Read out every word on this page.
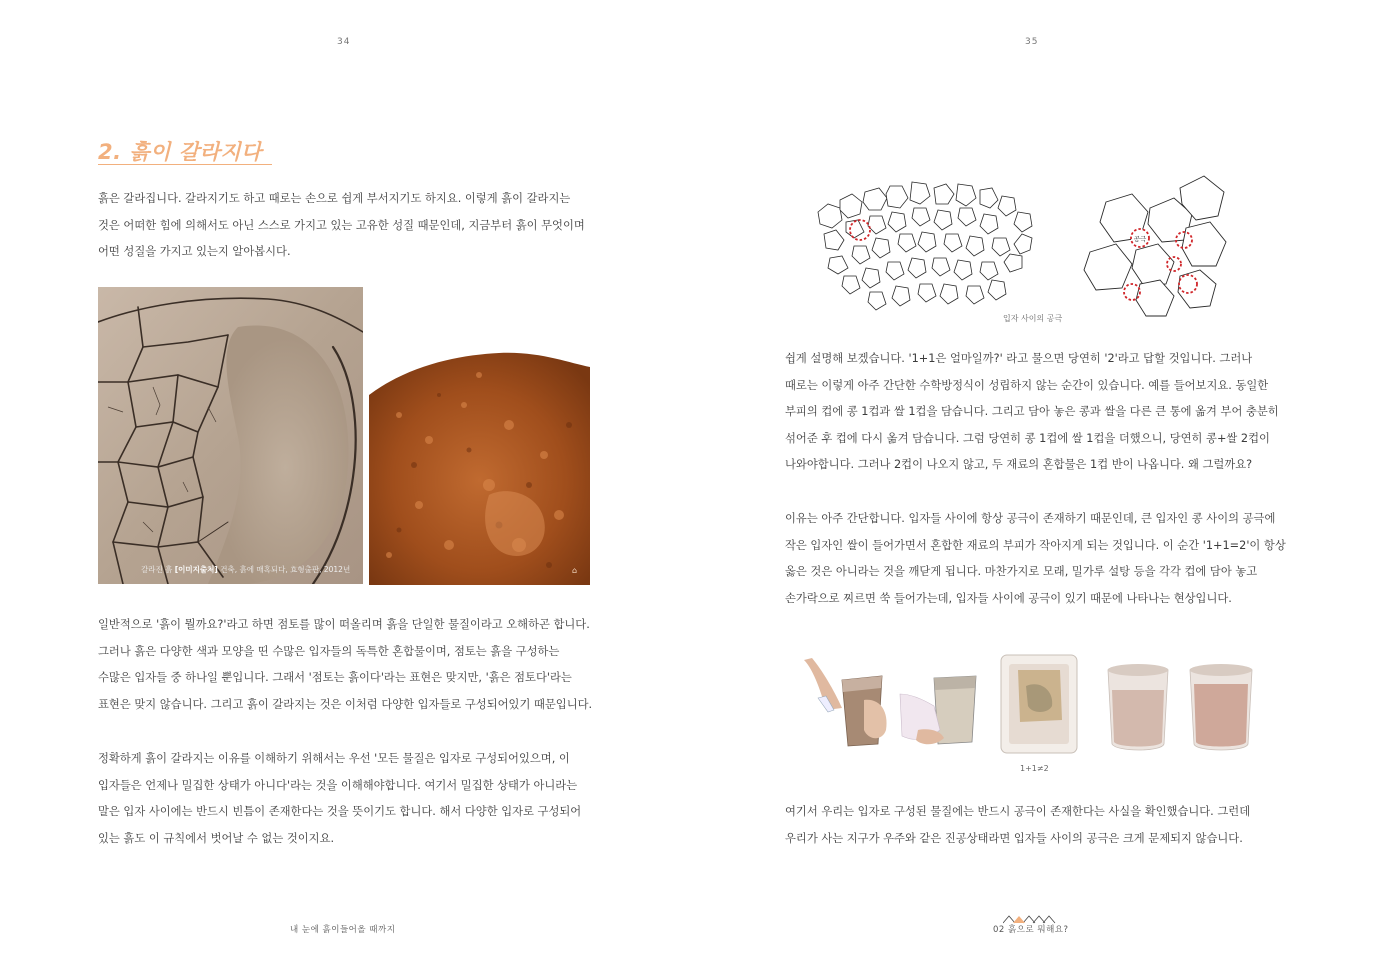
34
2. 흙이 갈라지다

흙은 갈라집니다. 갈라지기도 하고 때로는 손으로 쉽게 부서지기도 하지요. 이렇게 흙이 갈라지는

것은 어떠한 힘에 의해서도 아닌 스스로 가지고 있는 고유한 성질 때문인데, 지금부터 흙이 무엇이며

어떤 성질을 가지고 있는지 알아봅시다.

갈라진 흙 [이미지출처] 건축, 흙에 매혹되다, 효형출판, 2012년	⌂

일반적으로 '흙이 뭘까요?'라고 하면 점토를 많이 떠올리며 흙을 단일한 물질이라고 오해하곤 합니다.

그러나 흙은 다양한 색과 모양을 띤 수많은 입자들의 독특한 혼합물이며, 점토는 흙을 구성하는

수많은 입자들 중 하나일 뿐입니다. 그래서 '점토는 흙이다'라는 표현은 맞지만, '흙은 점토다'라는

표현은 맞지 않습니다. 그리고 흙이 갈라지는 것은 이처럼 다양한 입자들로 구성되어있기 때문입니다.

정확하게 흙이 갈라지는 이유를 이해하기 위해서는 우선 '모든 물질은 입자로 구성되어있으며, 이

입자들은 언제나 밀집한 상태가 아니다'라는 것을 이해해야합니다. 여기서 밀집한 상태가 아니라는

말은 입자 사이에는 반드시 빈틈이 존재한다는 것을 뜻이기도 합니다. 해서 다양한 입자로 구성되어

있는 흙도 이 규칙에서 벗어날 수 없는 것이지요.

내 눈에 흙이들어올 때까지
35
공극
입자 사이의 공극

쉽게 설명해 보겠습니다. '1+1은 얼마일까?' 라고 물으면 당연히 '2'라고 답할 것입니다. 그러나

때로는 이렇게 아주 간단한 수학방정식이 성립하지 않는 순간이 있습니다. 예를 들어보지요. 동일한

부피의 컵에 콩 1컵과 쌀 1컵을 담습니다. 그리고 담아 놓은 콩과 쌀을 다른 큰 통에 옮겨 부어 충분히

섞어준 후 컵에 다시 옮겨 담습니다. 그럼 당연히 콩 1컵에 쌀 1컵을 더했으니, 당연히 콩+쌀 2컵이

나와야합니다. 그러나 2컵이 나오지 않고, 두 재료의 혼합물은 1컵 반이 나옵니다. 왜 그럴까요?

이유는 아주 간단합니다. 입자들 사이에 항상 공극이 존재하기 때문인데, 큰 입자인 콩 사이의 공극에

작은 입자인 쌀이 들어가면서 혼합한 재료의 부피가 작아지게 되는 것입니다. 이 순간 '1+1=2'이 항상

옳은 것은 아니라는 것을 깨닫게 됩니다. 마찬가지로 모래, 밀가루 설탕 등을 각각 컵에 담아 놓고

손가락으로 찌르면 쑥 들어가는데, 입자들 사이에 공극이 있기 때문에 나타나는 현상입니다.

1+1≠2

여기서 우리는 입자로 구성된 물질에는 반드시 공극이 존재한다는 사실을 확인했습니다. 그런데

우리가 사는 지구가 우주와 같은 진공상태라면 입자들 사이의 공극은 크게 문제되지 않습니다.

02 흙으로 뭐해요?
